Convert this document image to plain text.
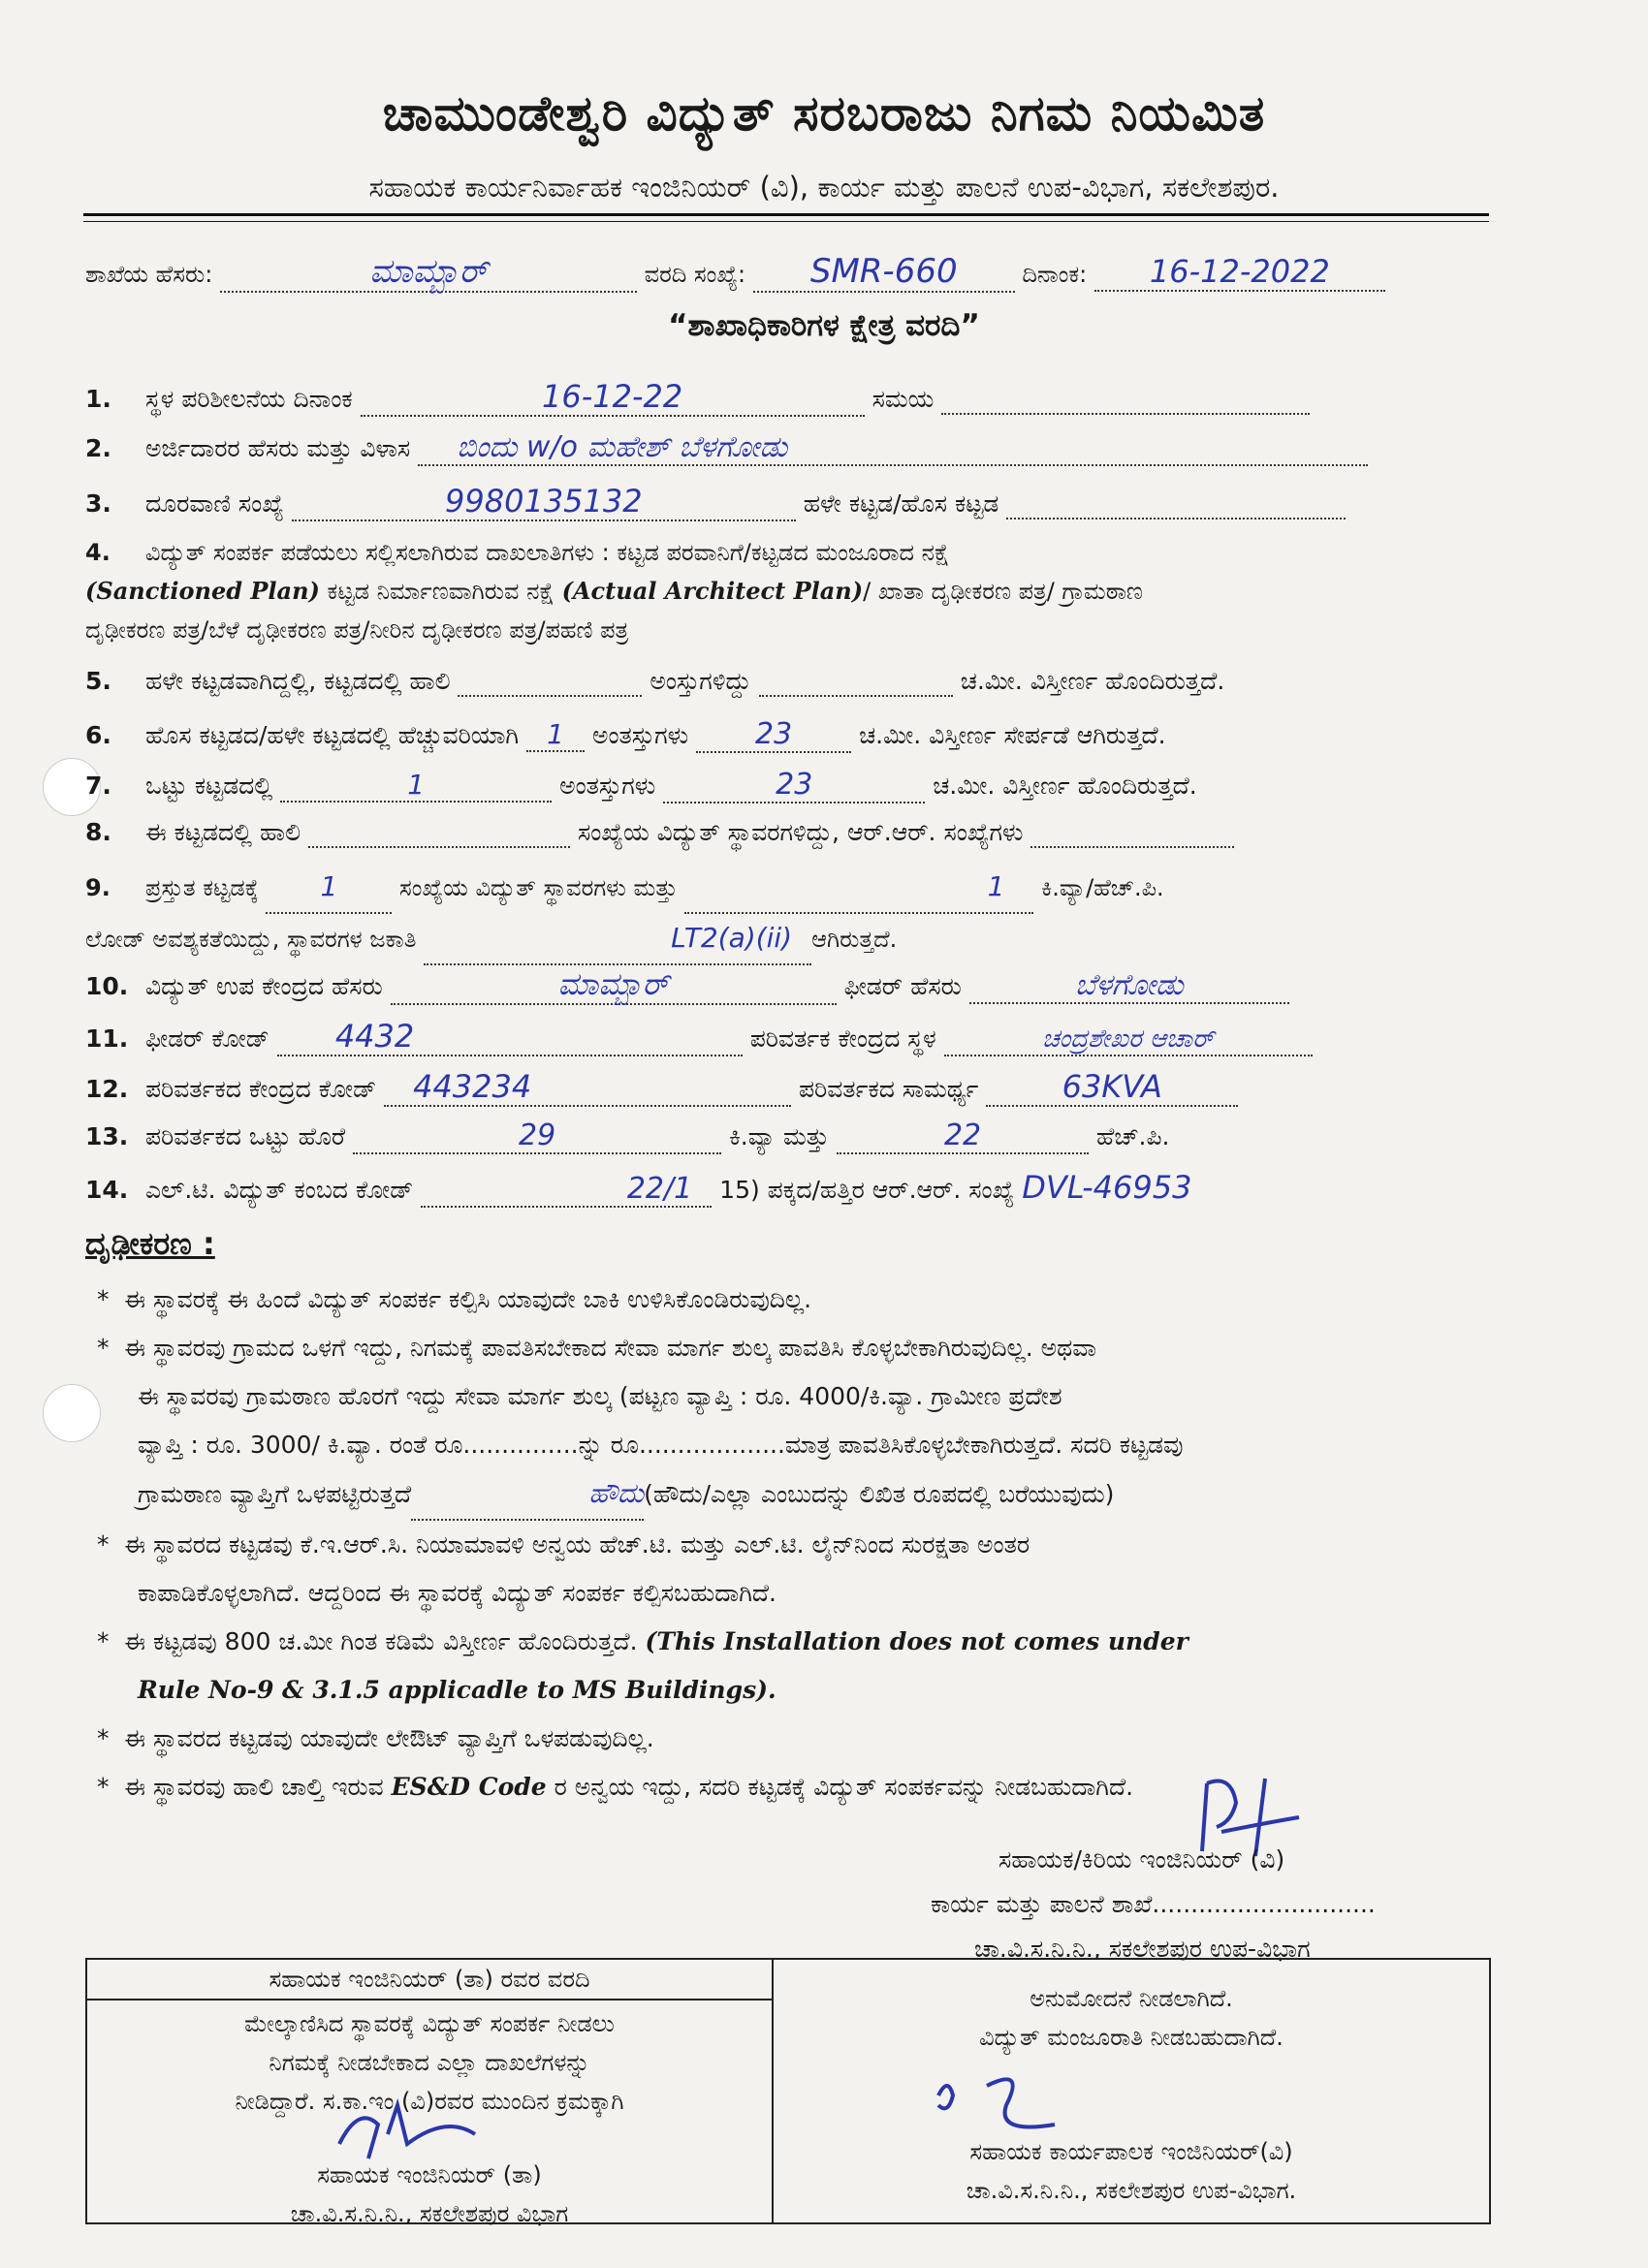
ಚಾಮುಂಡೇಶ್ವರಿ ವಿದ್ಯುತ್ ಸರಬರಾಜು ನಿಗಮ ನಿಯಮಿತ
ಸಹಾಯಕ ಕಾರ್ಯನಿರ್ವಾಹಕ ಇಂಜಿನಿಯರ್ (ವಿ), ಕಾರ್ಯ ಮತ್ತು ಪಾಲನೆ ಉಪ-ವಿಭಾಗ, ಸಕಲೇಶಪುರ.
ಶಾಖೆಯ ಹೆಸರು:	ಮಾಮ್ಬಾರ್	ವರದಿ ಸಂಖ್ಯೆ: SMR-660	ದಿನಾಂಕ: 16-12-2022
“ಶಾಖಾಧಿಕಾರಿಗಳ ಕ್ಷೇತ್ರ ವರದಿ”
1. ಸ್ಥಳ ಪರಿಶೀಲನೆಯ ದಿನಾಂಕ	16-12-22	ಸಮಯ
2. ಅರ್ಜಿದಾರರ ಹೆಸರು ಮತ್ತು ವಿಳಾಸ ಬಿಂದು w/o ಮಹೇಶ್ ಬೆಳಗೋಡು
3. ದೂರವಾಣಿ ಸಂಖ್ಯೆ	9980135132	ಹಳೇ ಕಟ್ಟಡ/ಹೊಸ ಕಟ್ಟಡ
4. ವಿದ್ಯುತ್ ಸಂಪರ್ಕ ಪಡೆಯಲು ಸಲ್ಲಿಸಲಾಗಿರುವ ದಾಖಲಾತಿಗಳು : ಕಟ್ಟಡ ಪರವಾನಿಗೆ/ಕಟ್ಟಡದ ಮಂಜೂರಾದ ನಕ್ಷೆ
(Sanctioned Plan) ಕಟ್ಟಡ ನಿರ್ಮಾಣವಾಗಿರುವ ನಕ್ಷೆ (Actual Architect Plan)/ ಖಾತಾ ದೃಢೀಕರಣ ಪತ್ರ/ ಗ್ರಾಮಠಾಣ
ದೃಢೀಕರಣ ಪತ್ರ/ಬೆಳೆ ದೃಢೀಕರಣ ಪತ್ರ/ನೀರಿನ ದೃಢೀಕರಣ ಪತ್ರ/ಪಹಣಿ ಪತ್ರ
5. ಹಳೇ ಕಟ್ಟಡವಾಗಿದ್ದಲ್ಲಿ, ಕಟ್ಟಡದಲ್ಲಿ ಹಾಲಿ	ಅಂಸ್ತುಗಳಿದ್ದು	ಚ.ಮೀ. ವಿಸ್ತೀರ್ಣ ಹೊಂದಿರುತ್ತದೆ.
6. ಹೊಸ ಕಟ್ಟಡದ/ಹಳೇ ಕಟ್ಟಡದಲ್ಲಿ ಹೆಚ್ಚುವರಿಯಾಗಿ 1 ಅಂತಸ್ತುಗಳು 23	ಚ.ಮೀ. ವಿಸ್ತೀರ್ಣ ಸೇರ್ಪಡೆ ಆಗಿರುತ್ತದೆ.
7. ಒಟ್ಟು ಕಟ್ಟಡದಲ್ಲಿ	1	ಅಂತಸ್ತುಗಳು	23	ಚ.ಮೀ. ವಿಸ್ತೀರ್ಣ ಹೊಂದಿರುತ್ತದೆ.
8. ಈ ಕಟ್ಟಡದಲ್ಲಿ ಹಾಲಿ	ಸಂಖ್ಯೆಯ ವಿದ್ಯುತ್ ಸ್ಥಾವರಗಳಿದ್ದು, ಆರ್.ಆರ್. ಸಂಖ್ಯೆಗಳು
9. ಪ್ರಸ್ತುತ ಕಟ್ಟಡಕ್ಕೆ 1	ಸಂಖ್ಯೆಯ ವಿದ್ಯುತ್ ಸ್ಥಾವರಗಳು ಮತ್ತು	1 ಕಿ.ವ್ಯಾ/ಹೆಚ್.ಪಿ.
ಲೋಡ್ ಅವಶ್ಯಕತೆಯಿದ್ದು, ಸ್ಥಾವರಗಳ ಜಕಾತಿ	LT2(a)(ii) ಆಗಿರುತ್ತದೆ.
10. ವಿದ್ಯುತ್ ಉಪ ಕೇಂದ್ರದ ಹೆಸರು	ಮಾಮ್ಬಾರ್	ಫೀಡರ್ ಹೆಸರು	ಬೆಳಗೋಡು
11. ಫೀಡರ್ ಕೋಡ್ 4432	ಪರಿವರ್ತಕ ಕೇಂದ್ರದ ಸ್ಥಳ	ಚಂದ್ರಶೇಖರ ಆಚಾರ್
12. ಪರಿವರ್ತಕದ ಕೇಂದ್ರದ ಕೋಡ್ 443234	ಪರಿವರ್ತಕದ ಸಾಮರ್ಥ್ಯ	63KVA
13. ಪರಿವರ್ತಕದ ಒಟ್ಟು ಹೊರೆ	29	ಕಿ.ವ್ಯಾ ಮತ್ತು	22	ಹೆಚ್.ಪಿ.
14. ಎಲ್.ಟಿ. ವಿದ್ಯುತ್ ಕಂಬದ ಕೋಡ್	22/1 15) ಪಕ್ಕದ/ಹತ್ತಿರ ಆರ್.ಆರ್. ಸಂಖ್ಯೆ DVL-46953
ದೃಢೀಕರಣ :
*  ಈ ಸ್ಥಾವರಕ್ಕೆ ಈ ಹಿಂದೆ ವಿದ್ಯುತ್ ಸಂಪರ್ಕ ಕಲ್ಪಿಸಿ ಯಾವುದೇ ಬಾಕಿ ಉಳಿಸಿಕೊಂಡಿರುವುದಿಲ್ಲ.
*  ಈ ಸ್ಥಾವರವು ಗ್ರಾಮದ ಒಳಗೆ ಇದ್ದು, ನಿಗಮಕ್ಕೆ ಪಾವತಿಸಬೇಕಾದ ಸೇವಾ ಮಾರ್ಗ ಶುಲ್ಕ ಪಾವತಿಸಿ ಕೊಳ್ಳಬೇಕಾಗಿರುವುದಿಲ್ಲ. ಅಥವಾ
ಈ ಸ್ಥಾವರವು ಗ್ರಾಮಠಾಣ ಹೊರಗೆ ಇದ್ದು ಸೇವಾ ಮಾರ್ಗ ಶುಲ್ಕ (ಪಟ್ಟಣ ವ್ಯಾಪ್ತಿ : ರೂ. 4000/ಕಿ.ವ್ಯಾ. ಗ್ರಾಮೀಣ ಪ್ರದೇಶ
ವ್ಯಾಪ್ತಿ : ರೂ. 3000/ ಕಿ.ವ್ಯಾ. ರಂತೆ ರೂ...............ನ್ನು ರೂ...................ಮಾತ್ರ ಪಾವತಿಸಿಕೊಳ್ಳಬೇಕಾಗಿರುತ್ತದೆ. ಸದರಿ ಕಟ್ಟಡವು
ಗ್ರಾಮಠಾಣ ವ್ಯಾಪ್ತಿಗೆ ಒಳಪಟ್ಟಿರುತ್ತದೆ	ಹೌದು(ಹೌದು/ಎಲ್ಲಾ ಎಂಬುದನ್ನು ಲಿಖಿತ ರೂಪದಲ್ಲಿ ಬರೆಯುವುದು)
*  ಈ ಸ್ಥಾವರದ ಕಟ್ಟಡವು ಕೆ.ಇ.ಆರ್.ಸಿ. ನಿಯಾಮಾವಳಿ ಅನ್ವಯ ಹೆಚ್.ಟಿ. ಮತ್ತು ಎಲ್.ಟಿ. ಲೈನ್‌ನಿಂದ ಸುರಕ್ಷತಾ ಅಂತರ
ಕಾಪಾಡಿಕೊಳ್ಳಲಾಗಿದೆ. ಆದ್ದರಿಂದ ಈ ಸ್ಥಾವರಕ್ಕೆ ವಿದ್ಯುತ್ ಸಂಪರ್ಕ ಕಲ್ಪಿಸಬಹುದಾಗಿದೆ.
*  ಈ ಕಟ್ಟಡವು 800 ಚ.ಮೀ ಗಿಂತ ಕಡಿಮೆ ವಿಸ್ತೀರ್ಣ ಹೊಂದಿರುತ್ತದೆ. (This Installation does not comes under
Rule No-9 & 3.1.5 applicadle to MS Buildings).
*  ಈ ಸ್ಥಾವರದ ಕಟ್ಟಡವು ಯಾವುದೇ ಲೇಔಟ್ ವ್ಯಾಪ್ತಿಗೆ ಒಳಪಡುವುದಿಲ್ಲ.
*  ಈ ಸ್ಥಾವರವು ಹಾಲಿ ಚಾಲ್ತಿ ಇರುವ ES&D Code ರ ಅನ್ವಯ ಇದ್ದು, ಸದರಿ ಕಟ್ಟಡಕ್ಕೆ ವಿದ್ಯುತ್ ಸಂಪರ್ಕವನ್ನು ನೀಡಬಹುದಾಗಿದೆ.
ಸಹಾಯಕ/ಕಿರಿಯ ಇಂಜಿನಿಯರ್ (ವಿ)
ಕಾರ್ಯ ಮತ್ತು ಪಾಲನೆ ಶಾಖೆ.............................
ಚಾ.ವಿ.ಸ.ನಿ.ನಿ., ಸಕಲೇಶಪುರ ಉಪ-ವಿಭಾಗ
ಸಹಾಯಕ ಇಂಜಿನಿಯರ್ (ತಾ) ರವರ ವರದಿ
ಮೇಲ್ಕಾಣಿಸಿದ ಸ್ಥಾವರಕ್ಕೆ ವಿದ್ಯುತ್ ಸಂಪರ್ಕ ನೀಡಲು
ನಿಗಮಕ್ಕೆ ನೀಡಬೇಕಾದ ಎಲ್ಲಾ ದಾಖಲೆಗಳನ್ನು
ನೀಡಿದ್ದಾರೆ. ಸ.ಕಾ.ಇಂ.(ವಿ)ರವರ ಮುಂದಿನ ಕ್ರಮಕ್ಕಾಗಿ
ಸಹಾಯಕ ಇಂಜಿನಿಯರ್ (ತಾ)
ಚಾ.ವಿ.ಸ.ನಿ.ನಿ., ಸಕಲೇಶಪುರ ವಿಭಾಗ
ಅನುಮೋದನೆ ನೀಡಲಾಗಿದೆ.
ವಿದ್ಯುತ್ ಮಂಜೂರಾತಿ ನೀಡಬಹುದಾಗಿದೆ.
ಸಹಾಯಕ ಕಾರ್ಯಪಾಲಕ ಇಂಜಿನಿಯರ್(ವಿ)
ಚಾ.ವಿ.ಸ.ನಿ.ನಿ., ಸಕಲೇಶಪುರ ಉಪ-ವಿಭಾಗ.
